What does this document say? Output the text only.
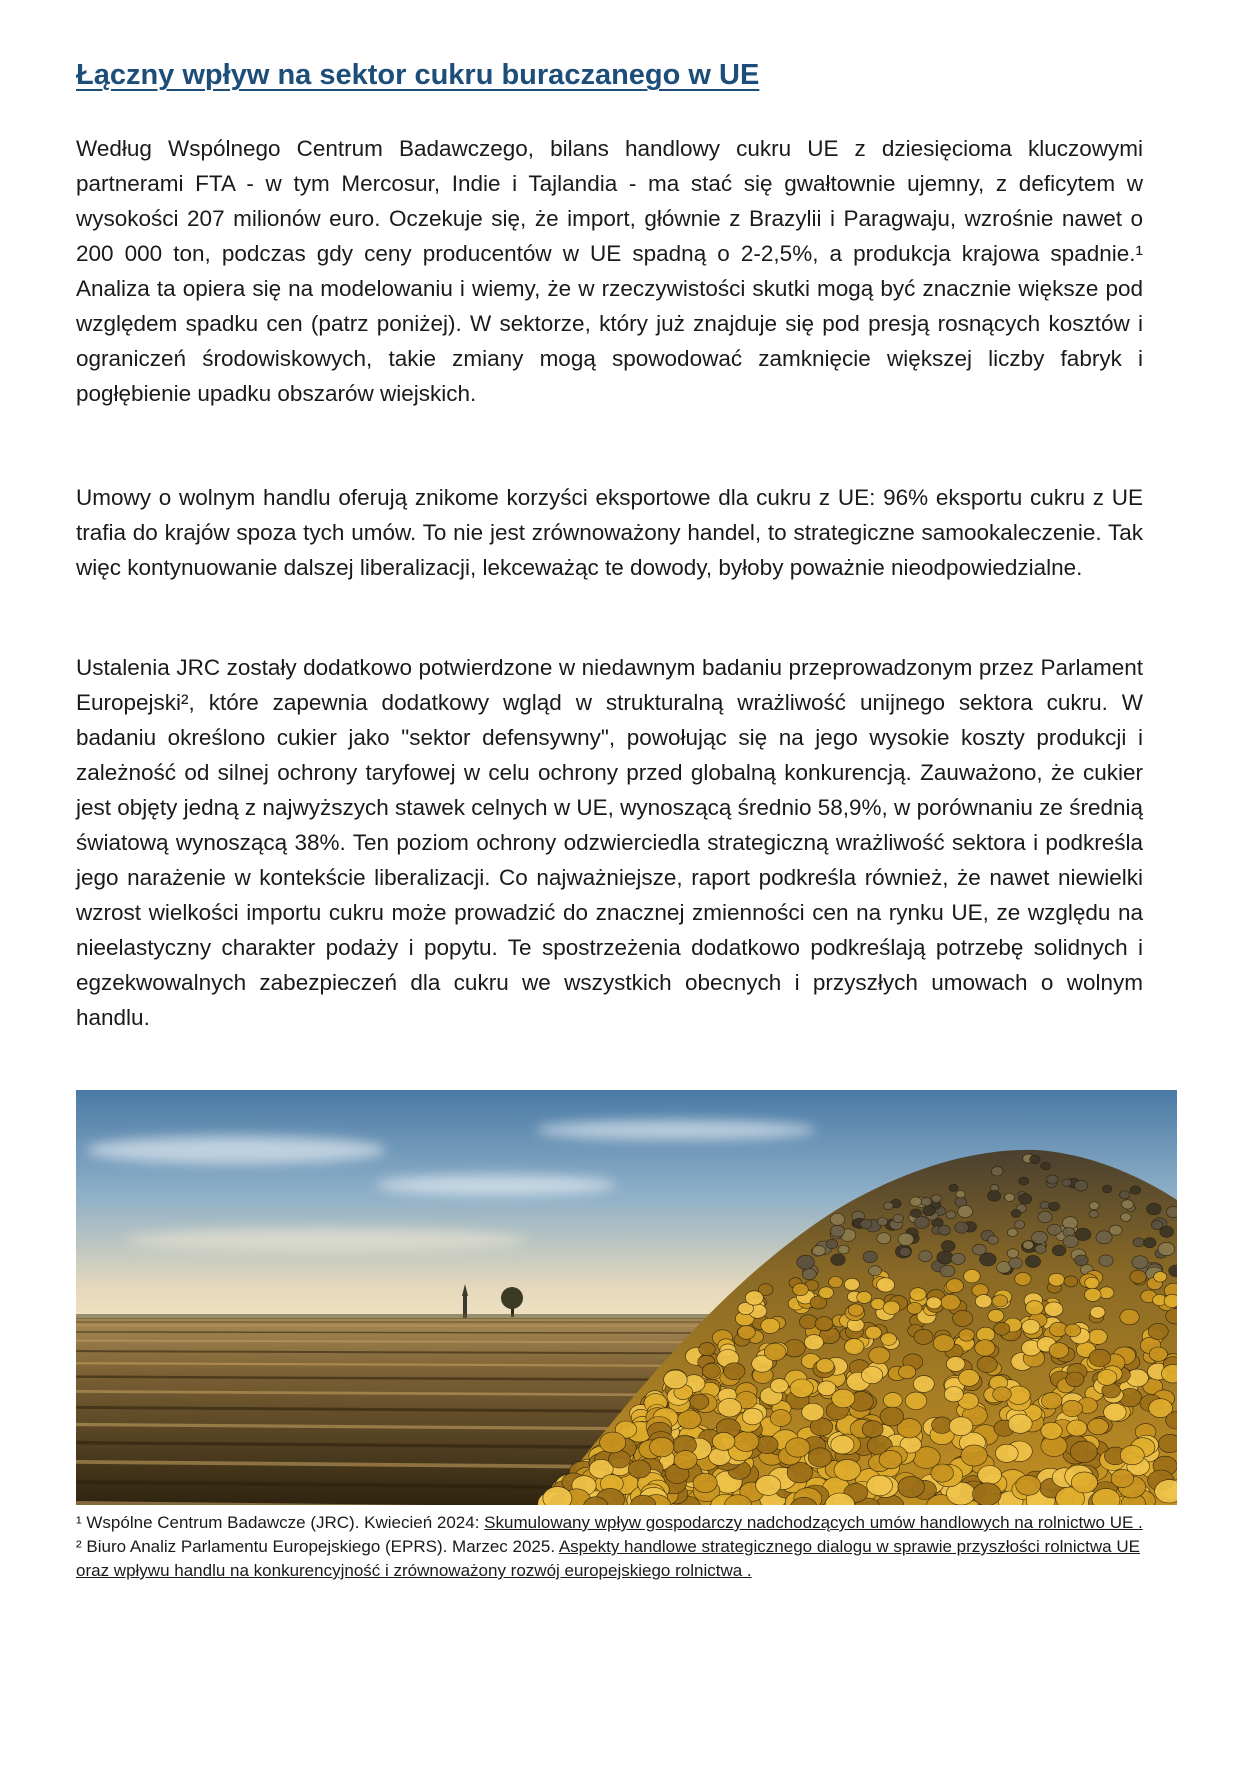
Łączny wpływ na sektor cukru buraczanego w UE

Według Wspólnego Centrum Badawczego, bilans handlowy cukru UE z dziesięcioma kluczowymi partnerami FTA - w tym Mercosur, Indie i Tajlandia - ma stać się gwałtownie ujemny, z deficytem w wysokości 207 milionów euro. Oczekuje się, że import, głównie z Brazylii i Paragwaju, wzrośnie nawet o 200 000 ton, podczas gdy ceny producentów w UE spadną o 2-2,5%, a produkcja krajowa spadnie.¹ Analiza ta opiera się na modelowaniu i wiemy, że w rzeczywistości skutki mogą być znacznie większe pod względem spadku cen (patrz poniżej). W sektorze, który już znajduje się pod presją rosnących kosztów i ograniczeń środowiskowych, takie zmiany mogą spowodować zamknięcie większej liczby fabryk i pogłębienie upadku obszarów wiejskich.

Umowy o wolnym handlu oferują znikome korzyści eksportowe dla cukru z UE: 96% eksportu cukru z UE trafia do krajów spoza tych umów. To nie jest zrównoważony handel, to strategiczne samookaleczenie. Tak więc kontynuowanie dalszej liberalizacji, lekceważąc te dowody, byłoby poważnie nieodpowiedzialne.

Ustalenia JRC zostały dodatkowo potwierdzone w niedawnym badaniu przeprowadzonym przez Parlament Europejski², które zapewnia dodatkowy wgląd w strukturalną wrażliwość unijnego sektora cukru. W badaniu określono cukier jako "sektor defensywny", powołując się na jego wysokie koszty produkcji i zależność od silnej ochrony taryfowej w celu ochrony przed globalną konkurencją. Zauważono, że cukier jest objęty jedną z najwyższych stawek celnych w UE, wynoszącą średnio 58,9%, w porównaniu ze średnią światową wynoszącą 38%. Ten poziom ochrony odzwierciedla strategiczną wrażliwość sektora i podkreśla jego narażenie w kontekście liberalizacji. Co najważniejsze, raport podkreśla również, że nawet niewielki wzrost wielkości importu cukru może prowadzić do znacznej zmienności cen na rynku UE, ze względu na nieelastyczny charakter podaży i popytu. Te spostrzeżenia dodatkowo podkreślają potrzebę solidnych i egzekwowalnych zabezpieczeń dla cukru we wszystkich obecnych i przyszłych umowach o wolnym handlu.

¹ Wspólne Centrum Badawcze (JRC). Kwiecień 2024: Skumulowany wpływ gospodarczy nadchodzących umów handlowych na rolnictwo UE .

² Biuro Analiz Parlamentu Europejskiego (EPRS). Marzec 2025. Aspekty handlowe strategicznego dialogu w sprawie przyszłości rolnictwa UE oraz wpływu handlu na konkurencyjność i zrównoważony rozwój europejskiego rolnictwa .
